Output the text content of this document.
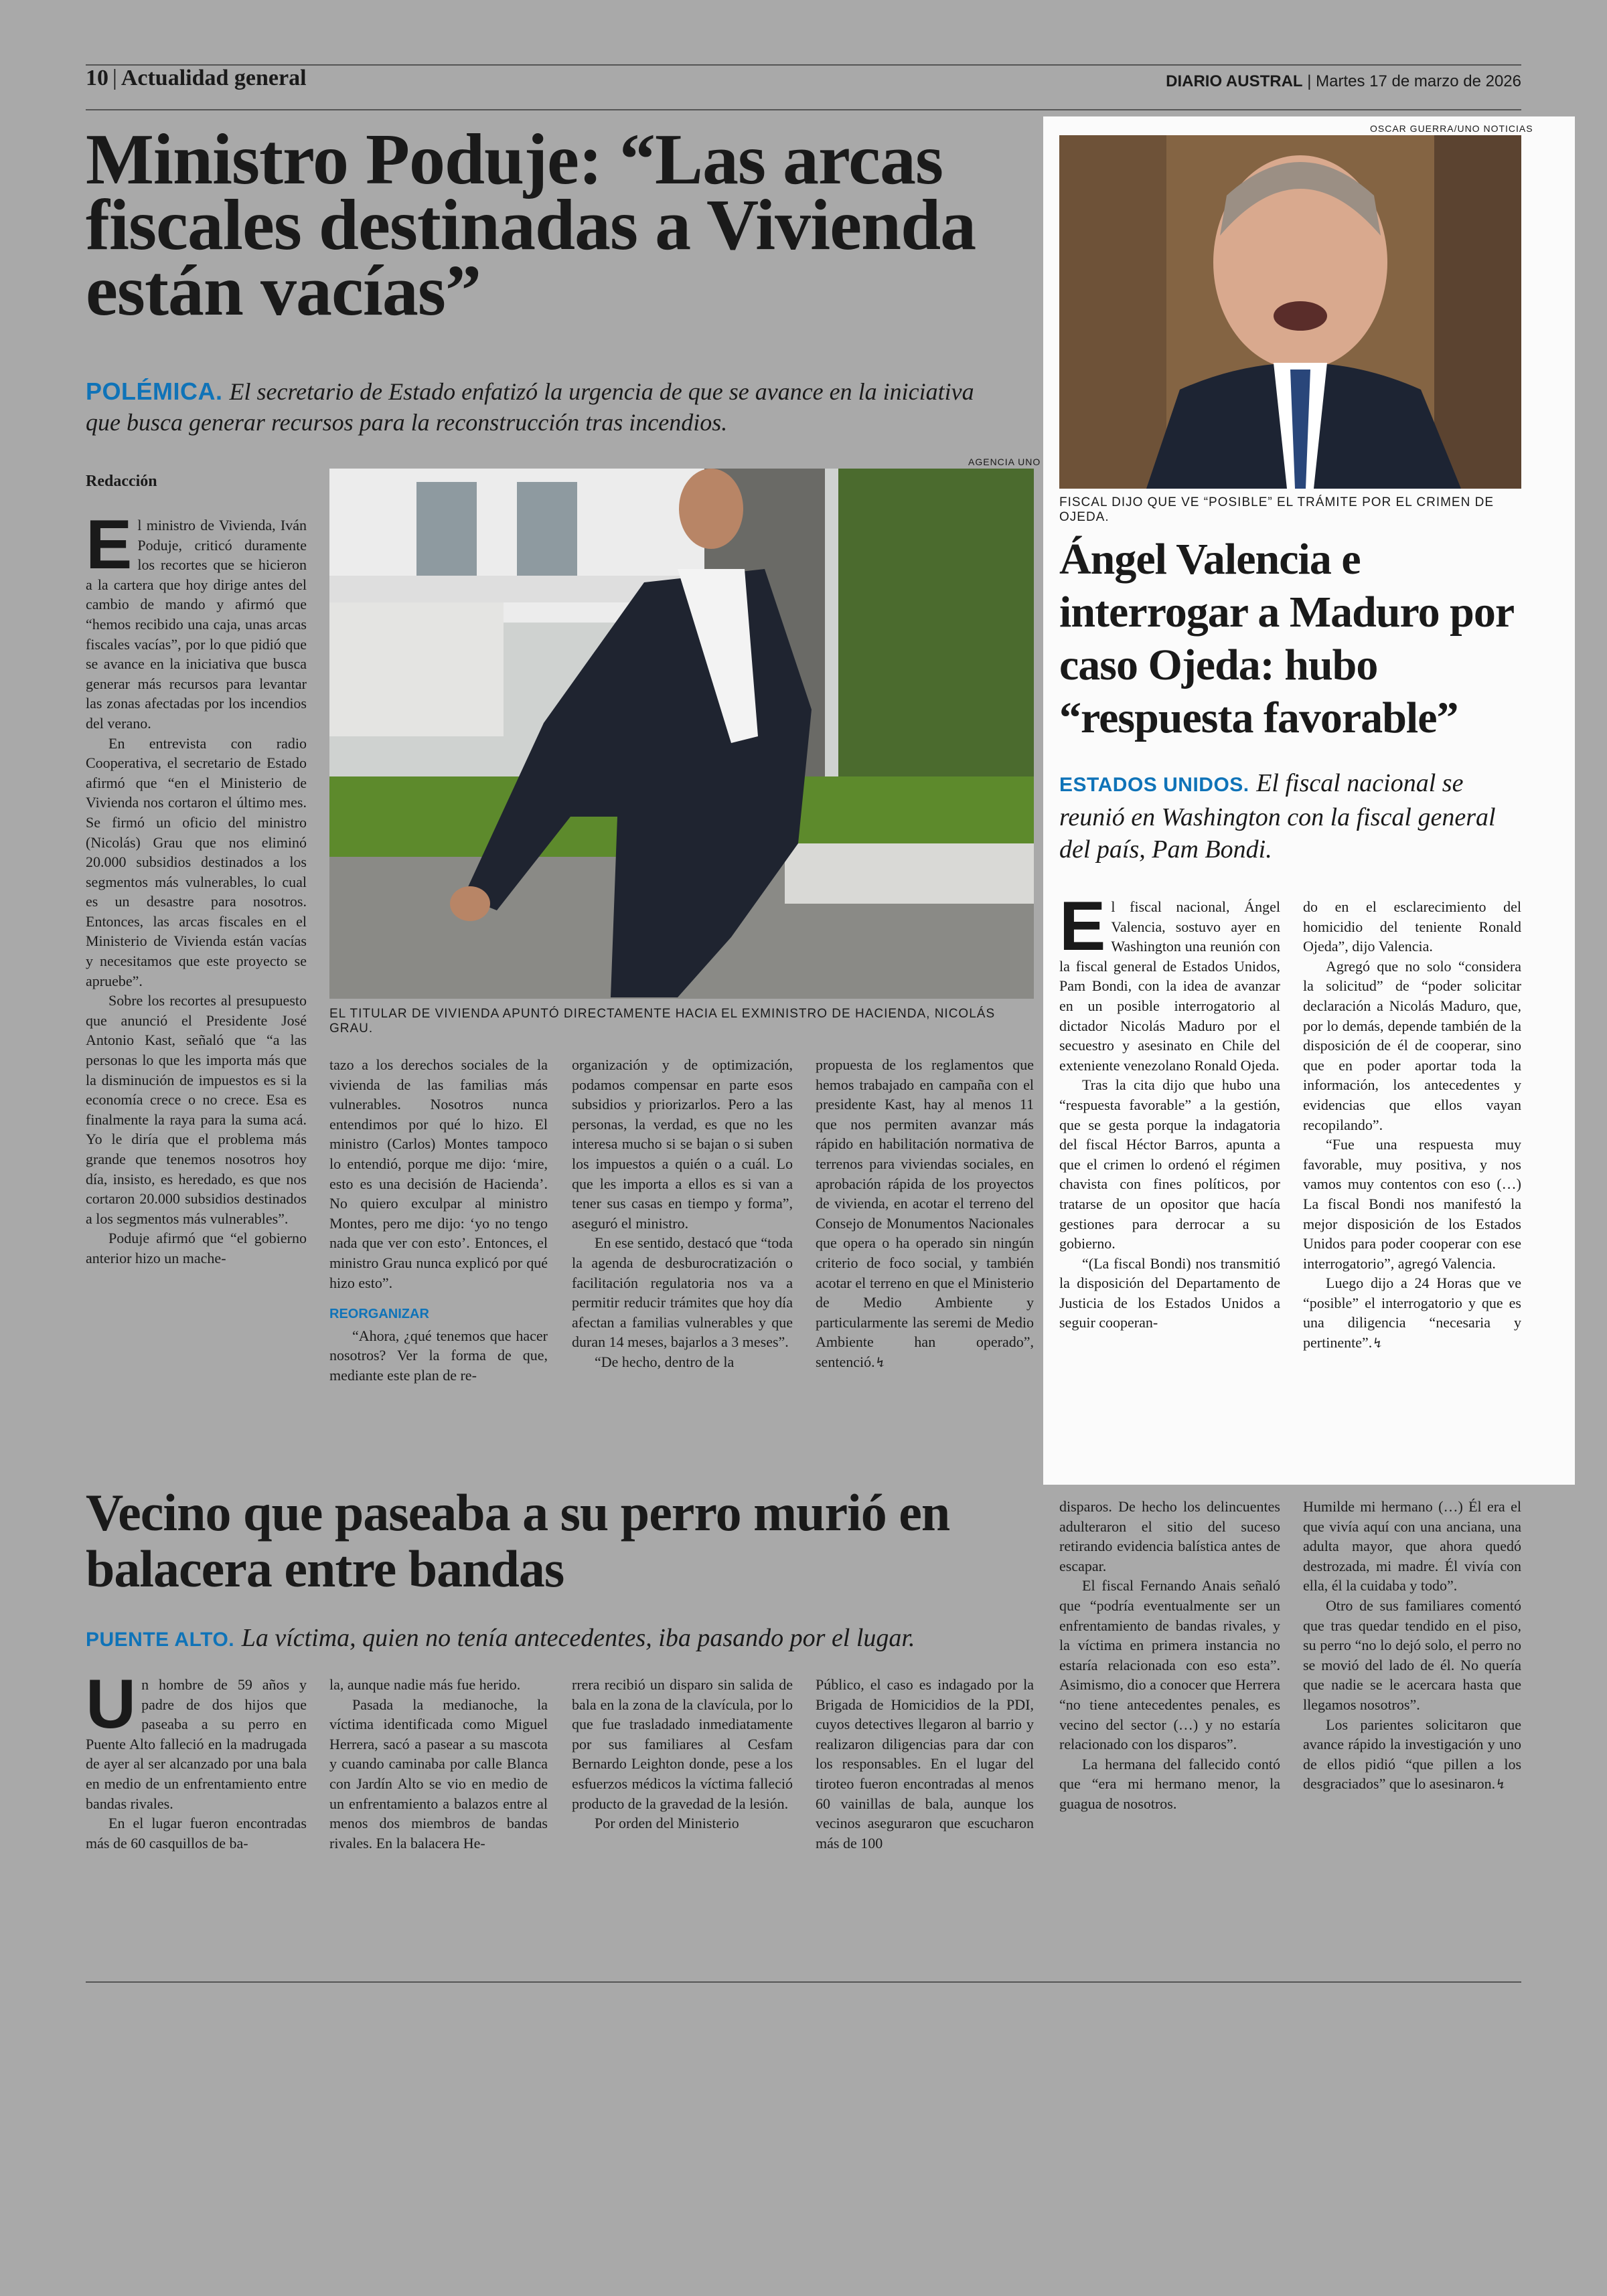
10 | Actualidad general	DIARIO AUSTRAL | Martes 17 de marzo de 2026
Ministro Poduje: “Las arcas fiscales destinadas a Vivienda están vacías”
POLÉMICA. El secretario de Estado enfatizó la urgencia de que se avance en la iniciativa que busca generar recursos para la reconstrucción tras incendios.
Redacción
AGENCIA UNO
EL TITULAR DE VIVIENDA APUNTÓ DIRECTAMENTE HACIA EL EXMINISTRO DE HACIENDA, NICOLÁS GRAU.

El ministro de Vivienda, Iván Poduje, criticó duramente los recortes que se hicieron a la cartera que hoy dirige antes del cambio de mando y afirmó que “hemos recibido una caja, unas arcas fiscales vacías”, por lo que pidió que se avance en la iniciativa que busca generar más recursos para levantar las zonas afectadas por los incendios del verano.

En entrevista con radio Cooperativa, el secretario de Estado afirmó que “en el Ministerio de Vivienda nos cortaron el último mes. Se firmó un oficio del ministro (Nicolás) Grau que nos eliminó 20.000 subsidios destinados a los segmentos más vulnerables, lo cual es un desastre para nosotros. Entonces, las arcas fiscales en el Ministerio de Vivienda están vacías y necesitamos que este proyecto se apruebe”.

Sobre los recortes al presupuesto que anunció el Presidente José Antonio Kast, señaló que “a las personas lo que les importa más que la disminución de impuestos es si la economía crece o no crece. Esa es finalmente la raya para la suma acá. Yo le diría que el problema más grande que tenemos nosotros hoy día, insisto, es heredado, es que nos cortaron 20.000 subsidios destinados a los segmentos más vulnerables”.

Poduje afirmó que “el gobierno anterior hizo un mache-

tazo a los derechos sociales de la vivienda de las familias más vulnerables. Nosotros nunca entendimos por qué lo hizo. El ministro (Carlos) Montes tampoco lo entendió, porque me dijo: ‘mire, esto es una decisión de Hacienda’. No quiero exculpar al ministro Montes, pero me dijo: ‘yo no tengo nada que ver con esto’. Entonces, el ministro Grau nunca explicó por qué hizo esto”.

REORGANIZAR

“Ahora, ¿qué tenemos que hacer nosotros? Ver la forma de que, mediante este plan de re-

organización y de optimización, podamos compensar en parte esos subsidios y priorizarlos. Pero a las personas, la verdad, es que no les interesa mucho si se bajan o si suben los impuestos a quién o a cuál. Lo que les importa a ellos es si van a tener sus casas en tiempo y forma”, aseguró el ministro.

En ese sentido, destacó que “toda la agenda de desburocratización o facilitación regulatoria nos va a permitir reducir trámites que hoy día afectan a familias vulnerables y que duran 14 meses, bajarlos a 3 meses”.

“De hecho, dentro de la

propuesta de los reglamentos que hemos trabajado en campaña con el presidente Kast, hay al menos 11 que nos permiten avanzar más rápido en habilitación normativa de terrenos para viviendas sociales, en aprobación rápida de los proyectos de vivienda, en acotar el terreno del Consejo de Monumentos Nacionales que opera o ha operado sin ningún criterio de foco social, y también acotar el terreno en que el Ministerio de Medio Ambiente y particularmente las seremi de Medio Ambiente han operado”, sentenció.↯

OSCAR GUERRA/UNO NOTICIAS
FISCAL DIJO QUE VE “POSIBLE” EL TRÁMITE POR EL CRIMEN DE OJEDA.
Ángel Valencia e interrogar a Maduro por caso Ojeda: hubo “respuesta favorable”
ESTADOS UNIDOS. El fiscal nacional se reunió en Washington con la fiscal general del país, Pam Bondi.

El fiscal nacional, Ángel Valencia, sostuvo ayer en Washington una reunión con la fiscal general de Estados Unidos, Pam Bondi, con la idea de avanzar en un posible interrogatorio al dictador Nicolás Maduro por el secuestro y asesinato en Chile del exteniente venezolano Ronald Ojeda.

Tras la cita dijo que hubo una “respuesta favorable” a la gestión, que se gesta porque la indagatoria del fiscal Héctor Barros, apunta a que el crimen lo ordenó el régimen chavista con fines políticos, por tratarse de un opositor que hacía gestiones para derrocar a su gobierno.

“(La fiscal Bondi) nos transmitió la disposición del Departamento de Justicia de los Estados Unidos a seguir cooperan-

do en el esclarecimiento del homicidio del teniente Ronald Ojeda”, dijo Valencia.

Agregó que no solo “considera la solicitud” de “poder solicitar declaración a Nicolás Maduro, que, por lo demás, depende también de la disposición de él de cooperar, sino que en poder aportar toda la información, los antecedentes y evidencias que ellos vayan recopilando”.

“Fue una respuesta muy favorable, muy positiva, y nos vamos muy contentos con eso (…) La fiscal Bondi nos manifestó la mejor disposición de los Estados Unidos para poder cooperar con ese interrogatorio”, agregó Valencia.

Luego dijo a 24 Horas que ve “posible” el interrogatorio y que es una diligencia “necesaria y pertinente”.↯

Vecino que paseaba a su perro murió en balacera entre bandas
PUENTE ALTO. La víctima, quien no tenía antecedentes, iba pasando por el lugar.

Un hombre de 59 años y padre de dos hijos que paseaba a su perro en Puente Alto falleció en la madrugada de ayer al ser alcanzado por una bala en medio de un enfrentamiento entre bandas rivales.

En el lugar fueron encontradas más de 60 casquillos de ba-

la, aunque nadie más fue herido.

Pasada la medianoche, la víctima identificada como Miguel Herrera, sacó a pasear a su mascota y cuando caminaba por calle Blanca con Jardín Alto se vio en medio de un enfrentamiento a balazos entre al menos dos miembros de bandas rivales. En la balacera He-

rrera recibió un disparo sin salida de bala en la zona de la clavícula, por lo que fue trasladado inmediatamente por sus familiares al Cesfam Bernardo Leighton donde, pese a los esfuerzos médicos la víctima falleció producto de la gravedad de la lesión.

Por orden del Ministerio

Público, el caso es indagado por la Brigada de Homicidios de la PDI, cuyos detectives llegaron al barrio y realizaron diligencias para dar con los responsables. En el lugar del tiroteo fueron encontradas al menos 60 vainillas de bala, aunque los vecinos aseguraron que escucharon más de 100

disparos. De hecho los delincuentes adulteraron el sitio del suceso retirando evidencia balística antes de escapar.

El fiscal Fernando Anais señaló que “podría eventualmente ser un enfrentamiento de bandas rivales, y la víctima en primera instancia no estaría relacionada con eso esta”. Asimismo, dio a conocer que Herrera “no tiene antecedentes penales, es vecino del sector (…) y no estaría relacionado con los disparos”.

La hermana del fallecido contó que “era mi hermano menor, la guagua de nosotros.

Humilde mi hermano (…) Él era el que vivía aquí con una anciana, una adulta mayor, que ahora quedó destrozada, mi madre. Él vivía con ella, él la cuidaba y todo”.

Otro de sus familiares comentó que tras quedar tendido en el piso, su perro “no lo dejó solo, el perro no se movió del lado de él. No quería que nadie se le acercara hasta que llegamos nosotros”.

Los parientes solicitaron que avance rápido la investigación y uno de ellos pidió “que pillen a los desgraciados” que lo asesinaron.↯
